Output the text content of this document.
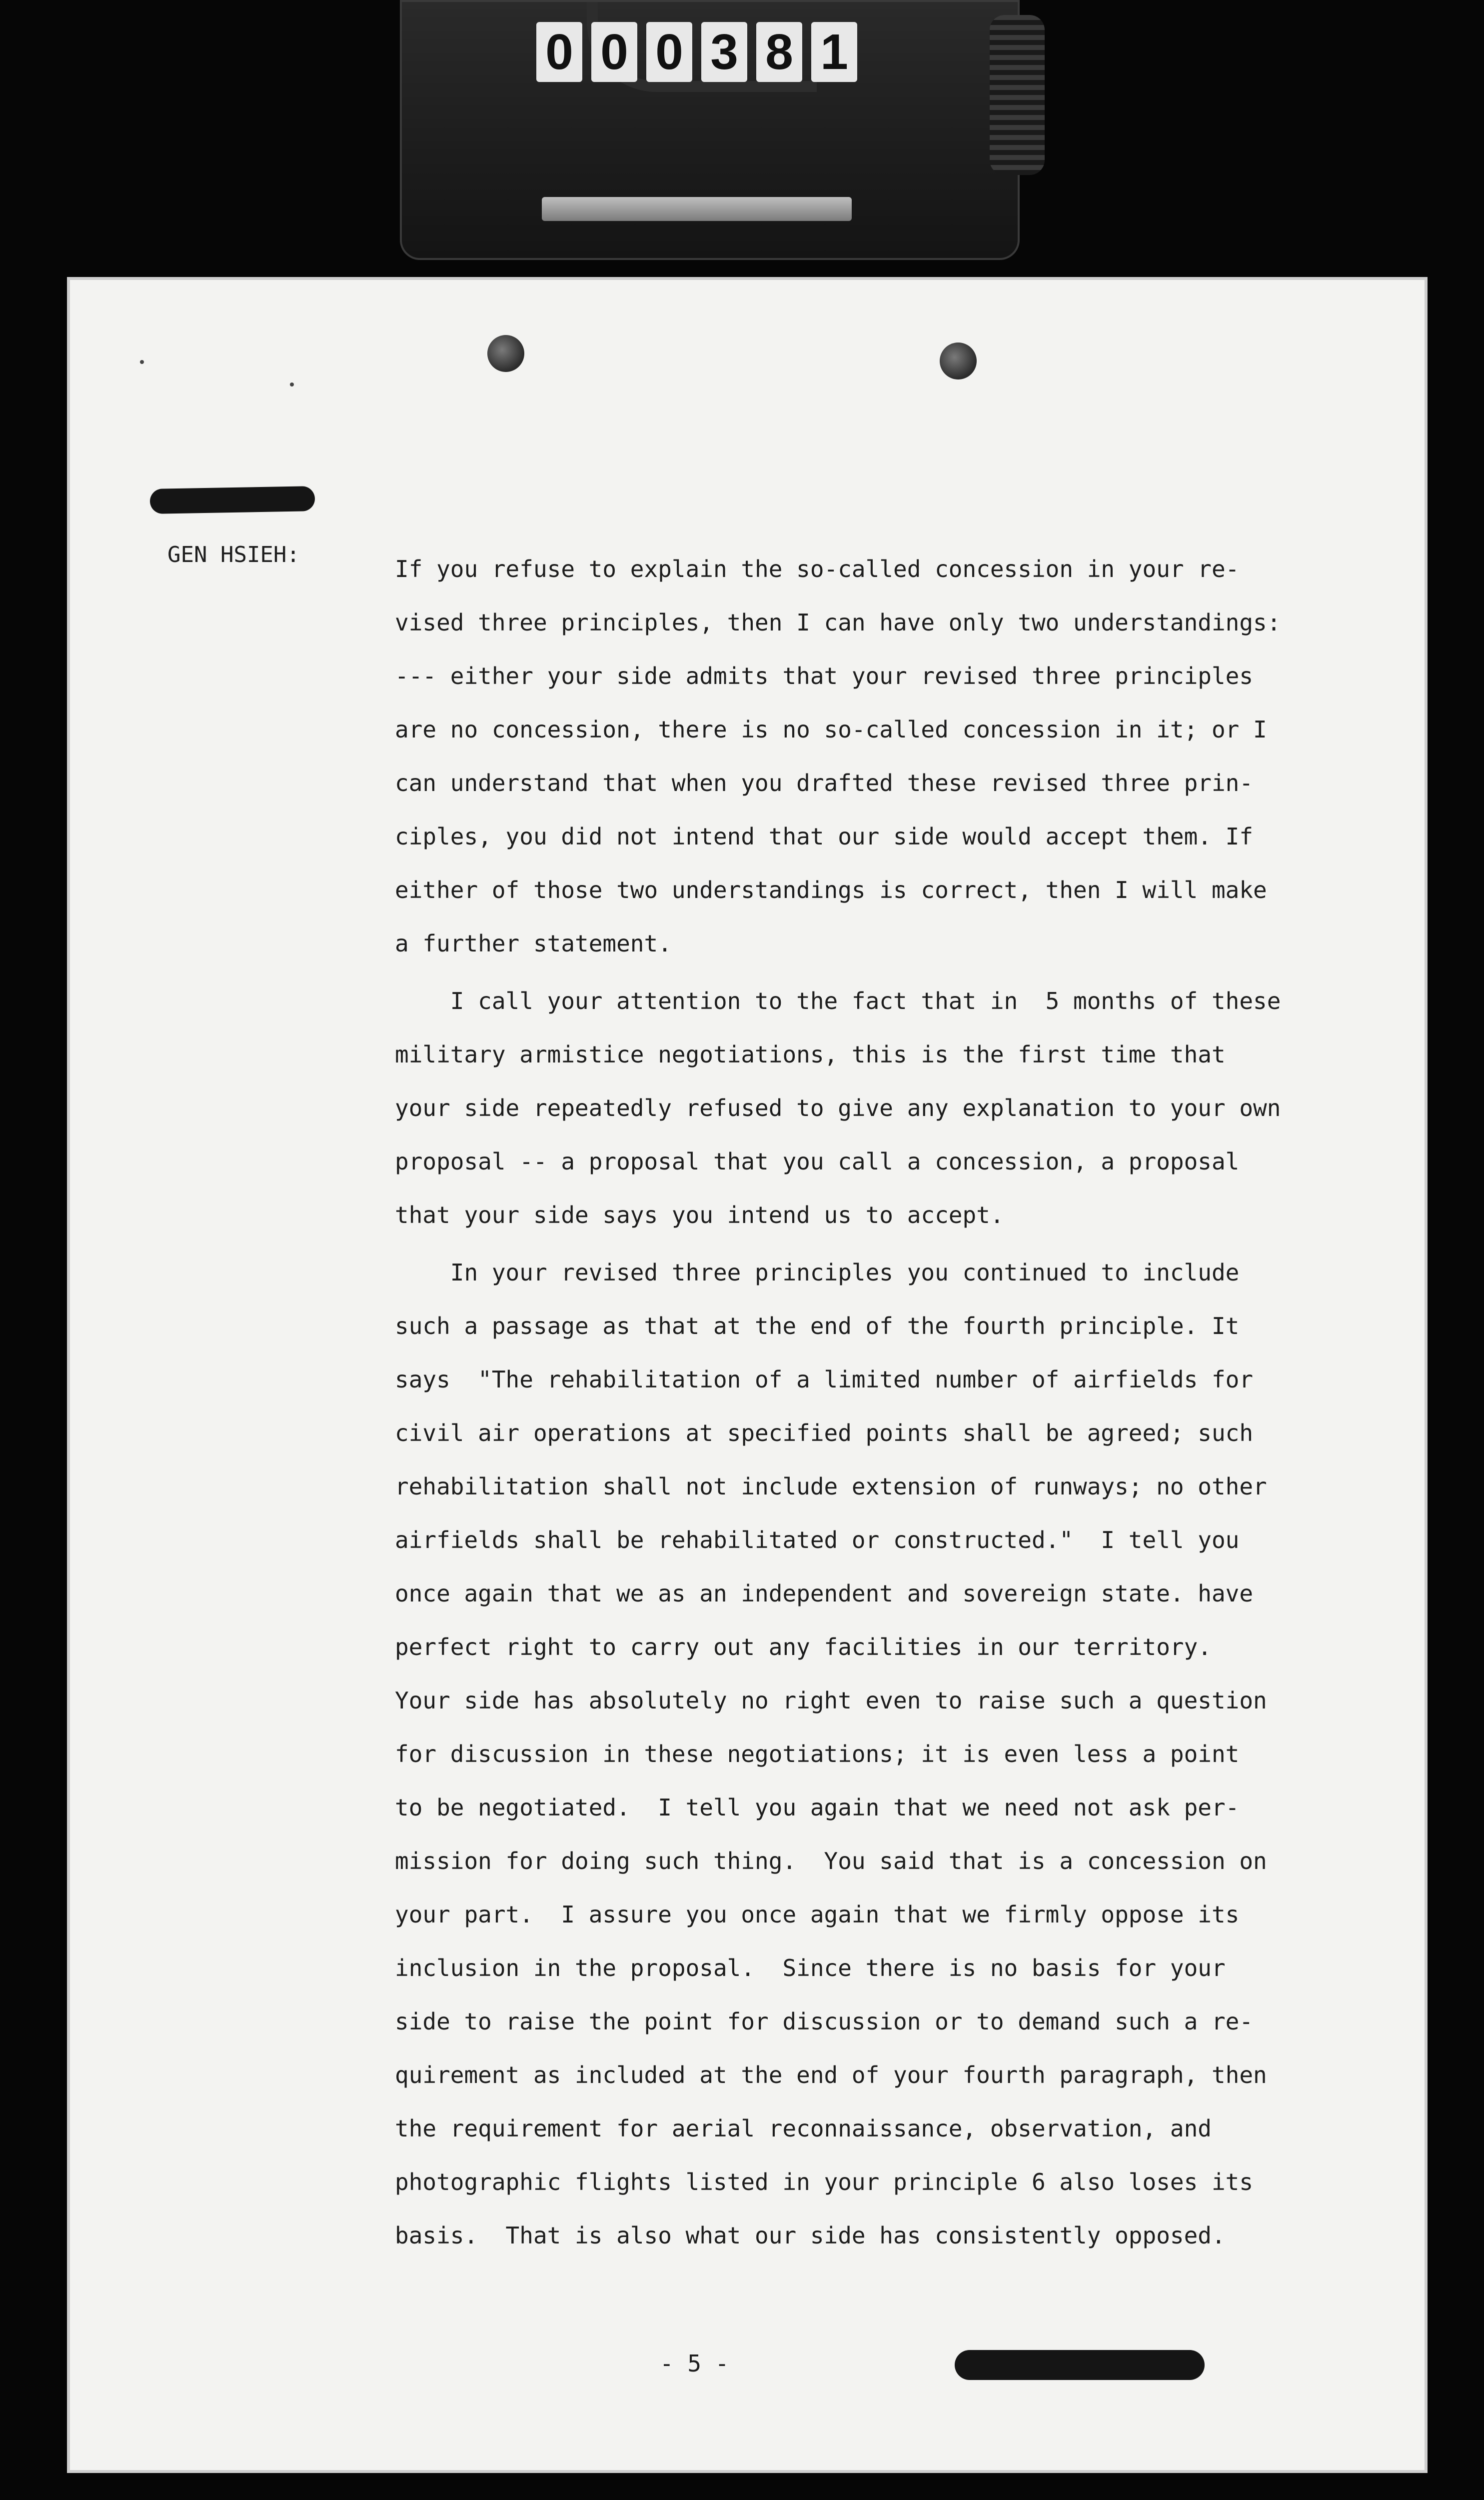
0 0 0 3 8 1
GEN HSIEH:
If you refuse to explain the so-called concession in your re-
vised three principles, then I can have only two understandings:
--- either your side admits that your revised three principles
are no concession, there is no so-called concession in it; or I
can understand that when you drafted these revised three prin-
ciples, you did not intend that our side would accept them. If
either of those two understandings is correct, then I will make
a further statement.
I call your attention to the fact that in  5 months of these
military armistice negotiations, this is the first time that
your side repeatedly refused to give any explanation to your own
proposal -- a proposal that you call a concession, a proposal
that your side says you intend us to accept.
In your revised three principles you continued to include
such a passage as that at the end of the fourth principle. It
says  "The rehabilitation of a limited number of airfields for
civil air operations at specified points shall be agreed; such
rehabilitation shall not include extension of runways; no other
airfields shall be rehabilitated or constructed."  I tell you
once again that we as an independent and sovereign state. have
perfect right to carry out any facilities in our territory.
Your side has absolutely no right even to raise such a question
for discussion in these negotiations; it is even less a point
to be negotiated.  I tell you again that we need not ask per-
mission for doing such thing.  You said that is a concession on
your part.  I assure you once again that we firmly oppose its
inclusion in the proposal.  Since there is no basis for your
side to raise the point for discussion or to demand such a re-
quirement as included at the end of your fourth paragraph, then
the requirement for aerial reconnaissance, observation, and
photographic flights listed in your principle 6 also loses its
basis.  That is also what our side has consistently opposed.
- 5 -
